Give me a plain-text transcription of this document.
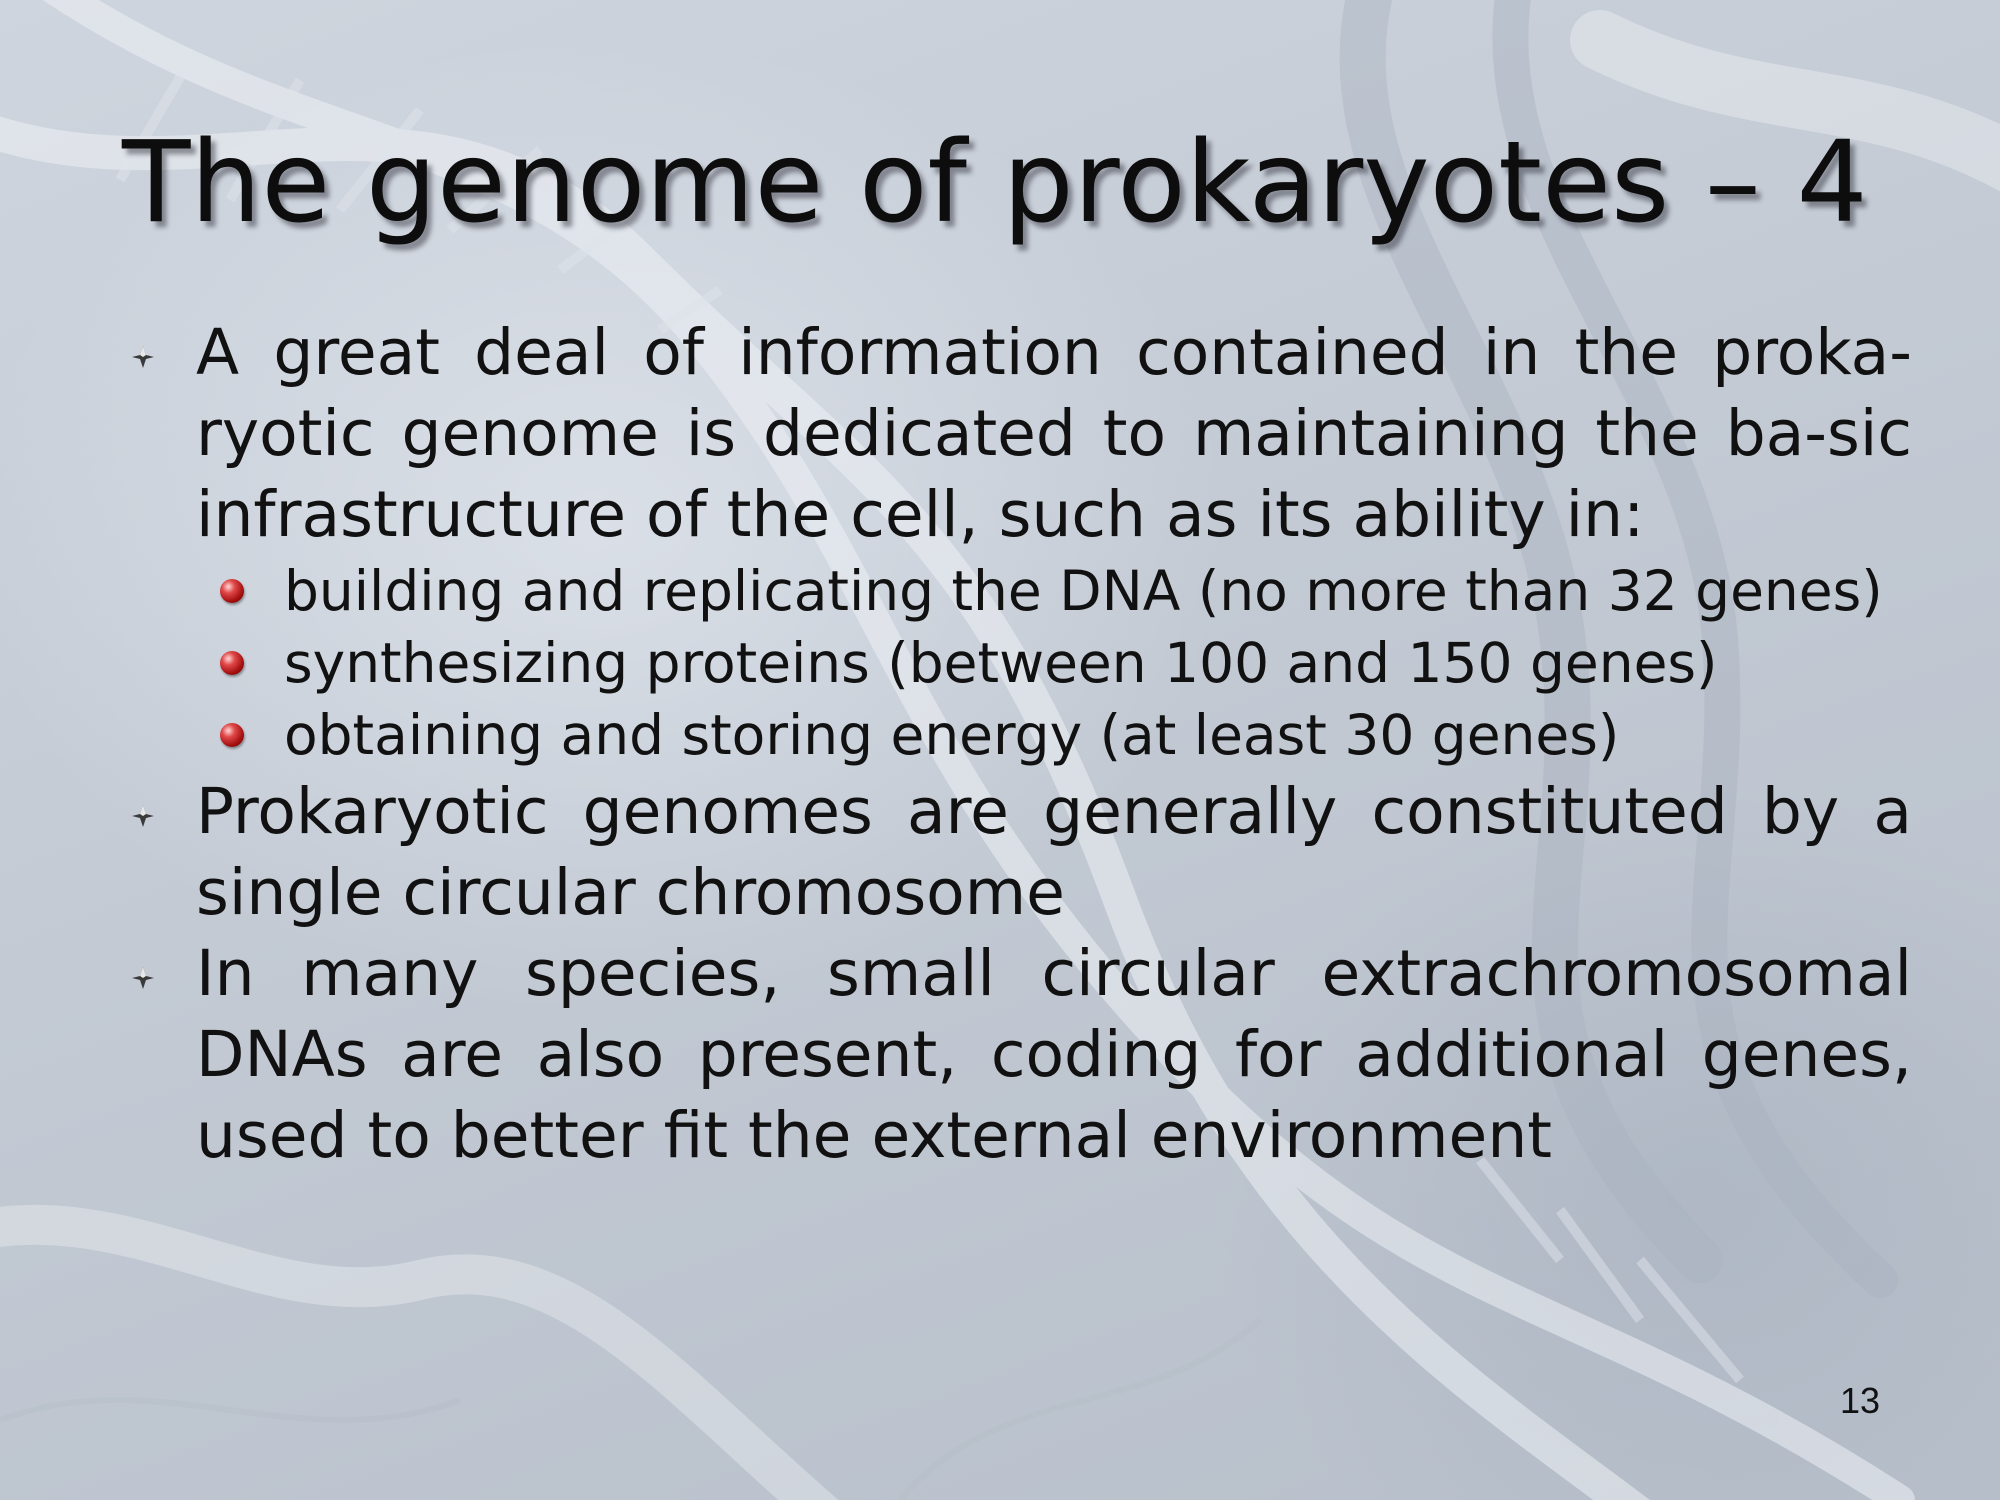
The genome of prokaryotes – 4
A great deal of information contained in the proka-ryotic genome is dedicated to maintaining the ba-sic infrastructure of the cell, such as its ability in:
building and replicating the DNA (no more than 32 genes)
synthesizing proteins (between 100 and 150 genes)
obtaining and storing energy (at least 30 genes)
Prokaryotic genomes are generally constituted by a single circular chromosome
In many species, small circular extrachromosomal DNAs are also present, coding for additional genes, used to better fit the external environment
13
